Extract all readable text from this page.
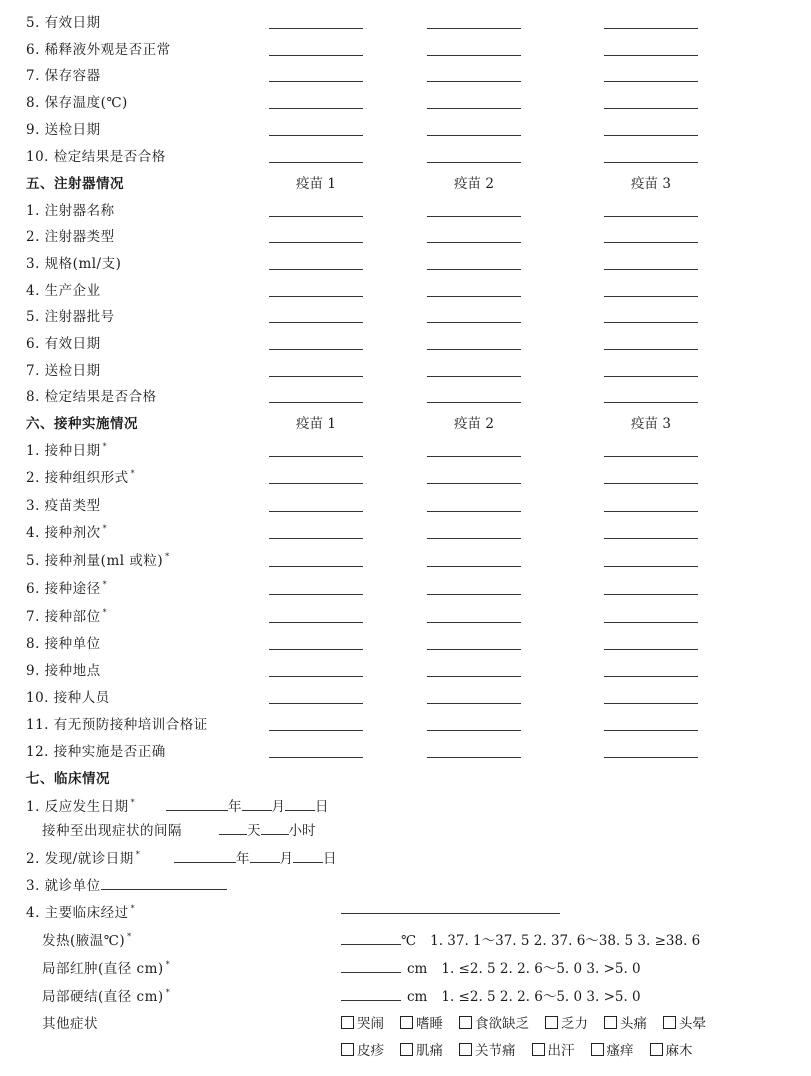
5. 有效日期
6. 稀释液外观是否正常
7. 保存容器
8. 保存温度(℃)
9. 送检日期
10. 检定结果是否合格
五、注射器情况	疫苗 1	疫苗 2	疫苗 3
1. 注射器名称
2. 注射器类型
3. 规格(ml/支)
4. 生产企业
5. 注射器批号
6. 有效日期
7. 送检日期
8. 检定结果是否合格
六、接种实施情况	疫苗 1	疫苗 2	疫苗 3
1. 接种日期 *
2. 接种组织形式 *
3. 疫苗类型
4. 接种剂次 *
5. 接种剂量(ml 或粒) *
6. 接种途径 *
7. 接种部位 *
8. 接种单位
9. 接种地点
10. 接种人员
11. 有无预防接种培训合格证
12. 接种实施是否正确
七、临床情况
1. 反应发生日期 *	年 月 日
接种至出现症状的间隔	天 小时
2. 发现/就诊日期 *	年 月 日
3. 就诊单位
4. 主要临床经过 *
发热(腋温℃) *	℃ 1. 37. 1～37. 5 2. 37. 6～38. 5 3. ≥38. 6
局部红肿(直径 cm) *	cm 1. ≤2. 5 2. 2. 6～5. 0 3. >5. 0
局部硬结(直径 cm) *	cm 1. ≤2. 5 2. 2. 6～5. 0 3. >5. 0
其他症状	哭闹 嗜睡 食欲缺乏 乏力 头痛 头晕
皮疹 肌痛 关节痛 出汗 瘙痒 麻木
